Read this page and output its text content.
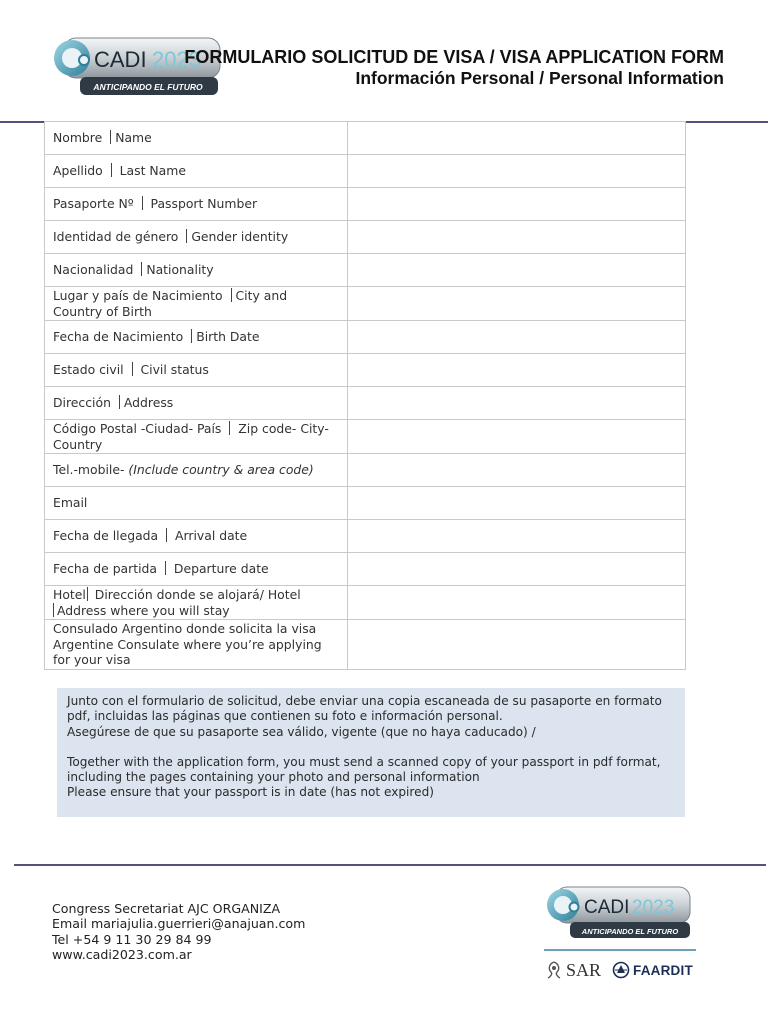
CADI 2023
ANTICIPANDO EL FUTURO
FORMULARIO SOLICITUD DE VISA / VISA APPLICATION FORM
Información Personal / Personal Information
Nombre Name	
Apellido Last Name	
Pasaporte Nº Passport Number	
Identidad de género Gender identity	
Nacionalidad Nationality	
Lugar y país de Nacimiento City and Country of Birth	
Fecha de Nacimiento Birth Date	
Estado civil Civil status	
Dirección Address	
Código Postal -Ciudad- País Zip code- City- Country	
Tel.-mobile- (Include country & area code)	
Email	
Fecha de llegada Arrival date	
Fecha de partida Departure date	
Hotel Dirección donde se alojará/ Hotel
Address where you will stay	
Consulado Argentino donde solicita la visa Argentine Consulate where you’re applying for your visa	

Junto con el formulario de solicitud, debe enviar una copia escaneada de su pasaporte en formato pdf, incluidas las páginas que contienen su foto e información personal.

Asegúrese de que su pasaporte sea válido, vigente (que no haya caducado) /

Together with the application form, you must send a scanned copy of your passport in pdf format, including the pages containing your photo and personal information

Please ensure that your passport is in date (has not expired)

Congress Secretariat AJC ORGANIZA
Email mariajulia.guerrieri@anajuan.com
Tel +54 9 11 30 29 84 99
www.cadi2023.com.ar
CADI 2023
ANTICIPANDO EL FUTURO
SAR FAARDIT
